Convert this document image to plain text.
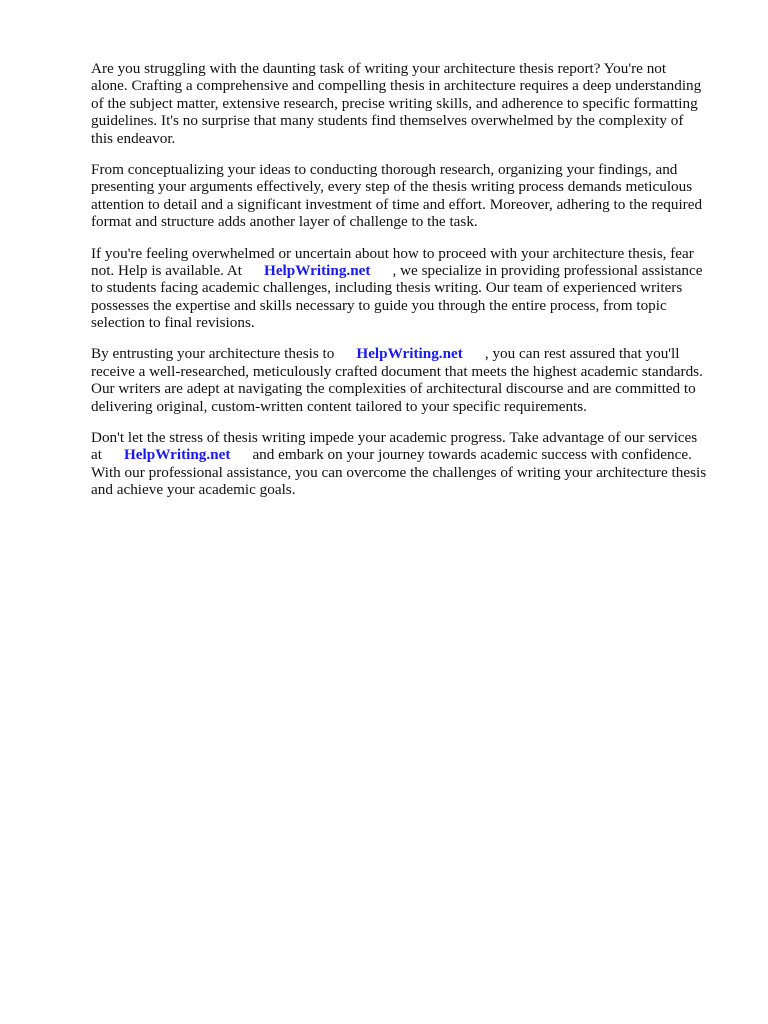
Are you struggling with the daunting task of writing your architecture thesis report? You're not
alone. Crafting a comprehensive and compelling thesis in architecture requires a deep understanding
of the subject matter, extensive research, precise writing skills, and adherence to specific formatting
guidelines. It's no surprise that many students find themselves overwhelmed by the complexity of
this endeavor.

From conceptualizing your ideas to conducting thorough research, organizing your findings, and
presenting your arguments effectively, every step of the thesis writing process demands meticulous
attention to detail and a significant investment of time and effort. Moreover, adhering to the required
format and structure adds another layer of challenge to the task.

If you're feeling overwhelmed or uncertain about how to proceed with your architecture thesis, fear
not. Help is available. At HelpWriting.net , we specialize in providing professional assistance
to students facing academic challenges, including thesis writing. Our team of experienced writers
possesses the expertise and skills necessary to guide you through the entire process, from topic
selection to final revisions.

By entrusting your architecture thesis to HelpWriting.net , you can rest assured that you'll
receive a well-researched, meticulously crafted document that meets the highest academic standards.
Our writers are adept at navigating the complexities of architectural discourse and are committed to
delivering original, custom-written content tailored to your specific requirements.

Don't let the stress of thesis writing impede your academic progress. Take advantage of our services
at HelpWriting.net and embark on your journey towards academic success with confidence.
With our professional assistance, you can overcome the challenges of writing your architecture thesis
and achieve your academic goals.
